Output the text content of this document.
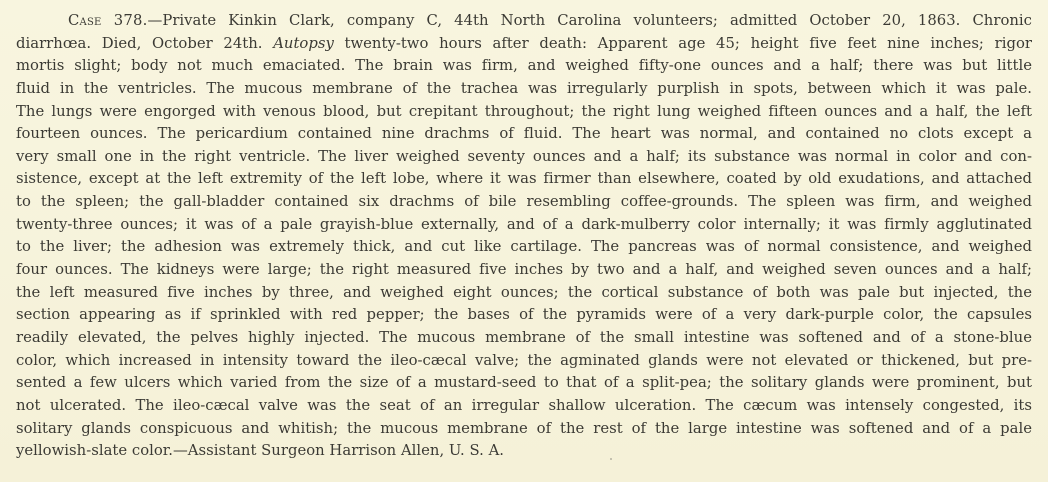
Case 378.—Private Kinkin Clark, company C, 44th North Carolina volunteers; admitted October 20, 1863. Chronic
diarrhœa. Died, October 24th. Autopsy twenty-two hours after death: Apparent age 45; height five feet nine inches; rigor
mortis slight; body not much emaciated. The brain was firm, and weighed fifty-one ounces and a half; there was but little
fluid in the ventricles. The mucous membrane of the trachea was irregularly purplish in spots, between which it was pale.
The lungs were engorged with venous blood, but crepitant throughout; the right lung weighed fifteen ounces and a half, the left
fourteen ounces. The pericardium contained nine drachms of fluid. The heart was normal, and contained no clots except a
very small one in the right ventricle. The liver weighed seventy ounces and a half; its substance was normal in color and con-
sistence, except at the left extremity of the left lobe, where it was firmer than elsewhere, coated by old exudations, and attached
to the spleen; the gall-bladder contained six drachms of bile resembling coffee-grounds. The spleen was firm, and weighed
twenty-three ounces; it was of a pale grayish-blue externally, and of a dark-mulberry color internally; it was firmly agglutinated
to the liver; the adhesion was extremely thick, and cut like cartilage. The pancreas was of normal consistence, and weighed
four ounces. The kidneys were large; the right measured five inches by two and a half, and weighed seven ounces and a half;
the left measured five inches by three, and weighed eight ounces; the cortical substance of both was pale but injected, the
section appearing as if sprinkled with red pepper; the bases of the pyramids were of a very dark-purple color, the capsules
readily elevated, the pelves highly injected. The mucous membrane of the small intestine was softened and of a stone-blue
color, which increased in intensity toward the ileo-cæcal valve; the agminated glands were not elevated or thickened, but pre-
sented a few ulcers which varied from the size of a mustard-seed to that of a split-pea; the solitary glands were prominent, but
not ulcerated. The ileo-cæcal valve was the seat of an irregular shallow ulceration. The cæcum was intensely congested, its
solitary glands conspicuous and whitish; the mucous membrane of the rest of the large intestine was softened and of a pale
yellowish-slate color.—Assistant Surgeon Harrison Allen, U. S. A.
